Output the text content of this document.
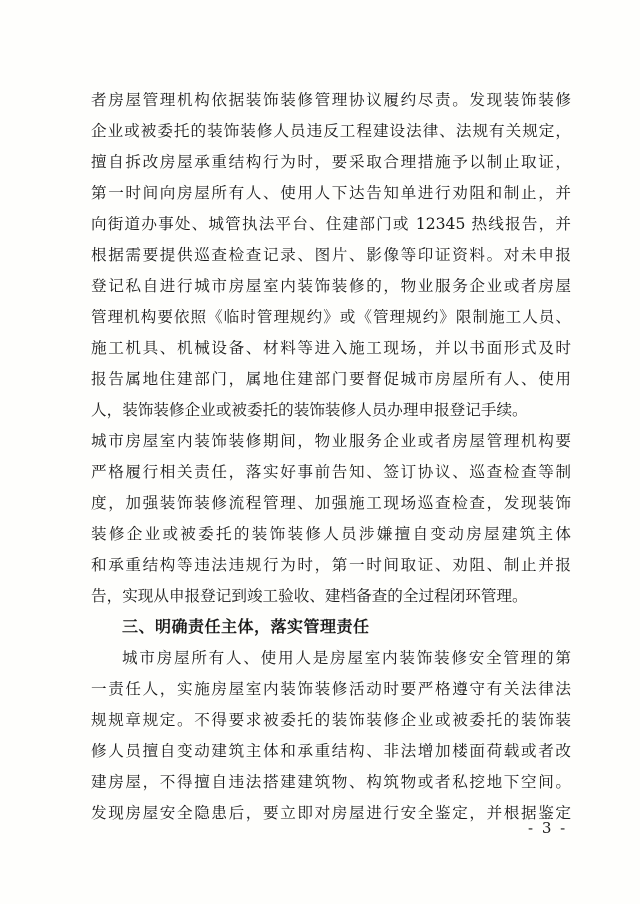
者房屋管理机构依据装饰装修管理协议履约尽责。发现装饰装修
企业或被委托的装饰装修人员违反工程建设法律、法规有关规定，
擅自拆改房屋承重结构行为时，要采取合理措施予以制止取证，
第一时间向房屋所有人、使用人下达告知单进行劝阻和制止，并
向街道办事处、城管执法平台、住建部门或 12345 热线报告，并
根据需要提供巡查检查记录、图片、影像等印证资料。对未申报
登记私自进行城市房屋室内装饰装修的，物业服务企业或者房屋
管理机构要依照《临时管理规约》或《管理规约》限制施工人员、
施工机具、机械设备、材料等进入施工现场，并以书面形式及时
报告属地住建部门，属地住建部门要督促城市房屋所有人、使用
人，装饰装修企业或被委托的装饰装修人员办理申报登记手续。
城市房屋室内装饰装修期间，物业服务企业或者房屋管理机构要
严格履行相关责任，落实好事前告知、签订协议、巡查检查等制
度，加强装饰装修流程管理、加强施工现场巡查检查，发现装饰
装修企业或被委托的装饰装修人员涉嫌擅自变动房屋建筑主体
和承重结构等违法违规行为时，第一时间取证、劝阻、制止并报
告，实现从申报登记到竣工验收、建档备查的全过程闭环管理。
三、明确责任主体，落实管理责任
城市房屋所有人、使用人是房屋室内装饰装修安全管理的第
一责任人，实施房屋室内装饰装修活动时要严格遵守有关法律法
规规章规定。不得要求被委托的装饰装修企业或被委托的装饰装
修人员擅自变动建筑主体和承重结构、非法增加楼面荷载或者改
建房屋，不得擅自违法搭建建筑物、构筑物或者私挖地下空间。
发现房屋安全隐患后，要立即对房屋进行安全鉴定，并根据鉴定
- 3 -
